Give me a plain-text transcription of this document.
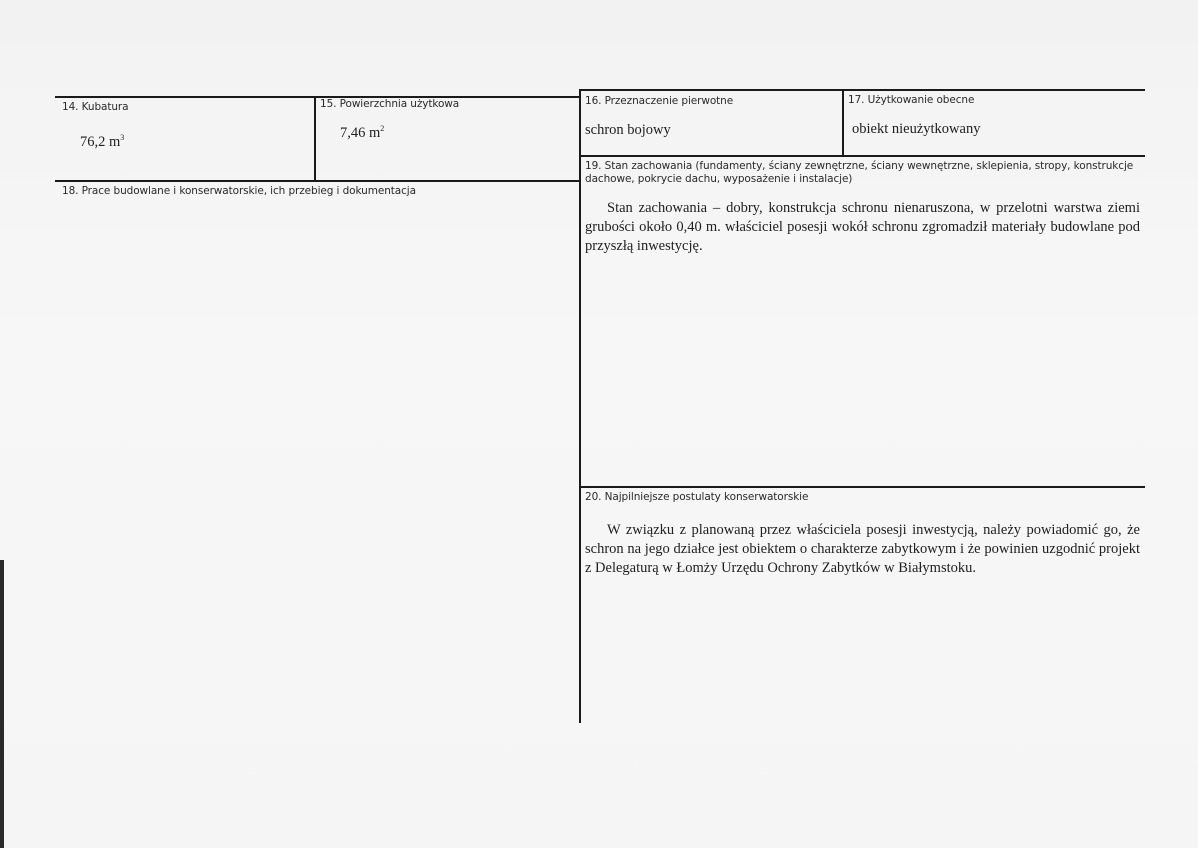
14. Kubatura
76,2 $m^3$
15. Powierzchnia użytkowa
7,46 $m^2$
16. Przeznaczenie pierwotne
schron bojowy
17. Użytkowanie obecne
obiekt nieużytkowany
18. Prace budowlane i konserwatorskie, ich przebieg i dokumentacja
19. Stan zachowania (fundamenty, ściany zewnętrzne, ściany wewnętrzne, sklepienia, stropy, konstrukcje dachowe, pokrycie dachu, wyposażenie i instalacje)
Stan zachowania – dobry, konstrukcja schronu nienaruszona, w przelotni warstwa ziemi grubości około 0,40 m. właściciel posesji wokół schronu zgromadził materiały budowlane pod przyszłą inwestycję.
20. Najpilniejsze postulaty konserwatorskie
W związku z planowaną przez właściciela posesji inwestycją, należy powiadomić go, że schron na jego działce jest obiektem o charakterze zabytkowym i że powinien uzgodnić projekt z Delegaturą w Łomży Urzędu Ochrony Zabytków w Białymstoku.
